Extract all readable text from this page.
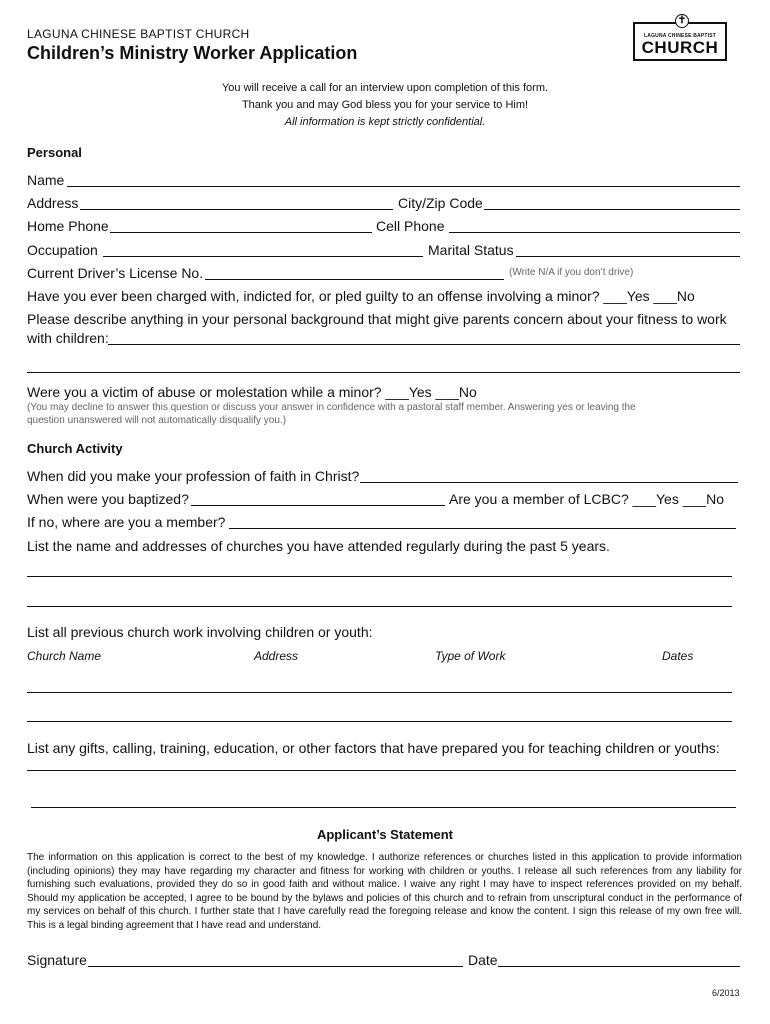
LAGUNA CHINESE BAPTIST CHURCH
Children’s Ministry Worker Application
✝
LAGUNA CHINESE BAPTIST
CHURCH
You will receive a call for an interview upon completion of this form.
Thank you and may God bless you for your service to Him!
All information is kept strictly confidential.
Personal
Name
Address	City/Zip Code
Home Phone	Cell Phone
Occupation	Marital Status
Current Driver’s License No.	(Write N/A if you don’t drive)
Have you ever been charged with, indicted for, or pled guilty to an offense involving a minor? ___Yes ___No
Please describe anything in your personal background that might give parents concern about your fitness to work
with children:
Were you a victim of abuse or molestation while a minor? ___Yes ___No
(You may decline to answer this question or discuss your answer in confidence with a pastoral staff member. Answering yes or leaving the
question unanswered will not automatically disqualify you.)
Church Activity
When did you make your profession of faith in Christ?
When were you baptized?	Are you a member of LCBC? ___Yes ___No
If no, where are you a member?
List the name and addresses of churches you have attended regularly during the past 5 years.
List all previous church work involving children or youth:
Church Name	Address	Type of Work	Dates
List any gifts, calling, training, education, or other factors that have prepared you for teaching children or youths:
Applicant’s Statement
The information on this application is correct to the best of my knowledge. I authorize references or churches listed in this application to provide information (including opinions) they may have regarding my character and fitness for working with children or youths. I release all such references from any liability for furnishing such evaluations, provided they do so in good faith and without malice. I waive any right I may have to inspect references provided on my behalf. Should my application be accepted, I agree to be bound by the bylaws and policies of this church and to refrain from unscriptural conduct in the performance of my services on behalf of this church. I further state that I have carefully read the foregoing release and know the content. I sign this release of my own free will. This is a legal binding agreement that I have read and understand.
Signature	Date
6/2013
